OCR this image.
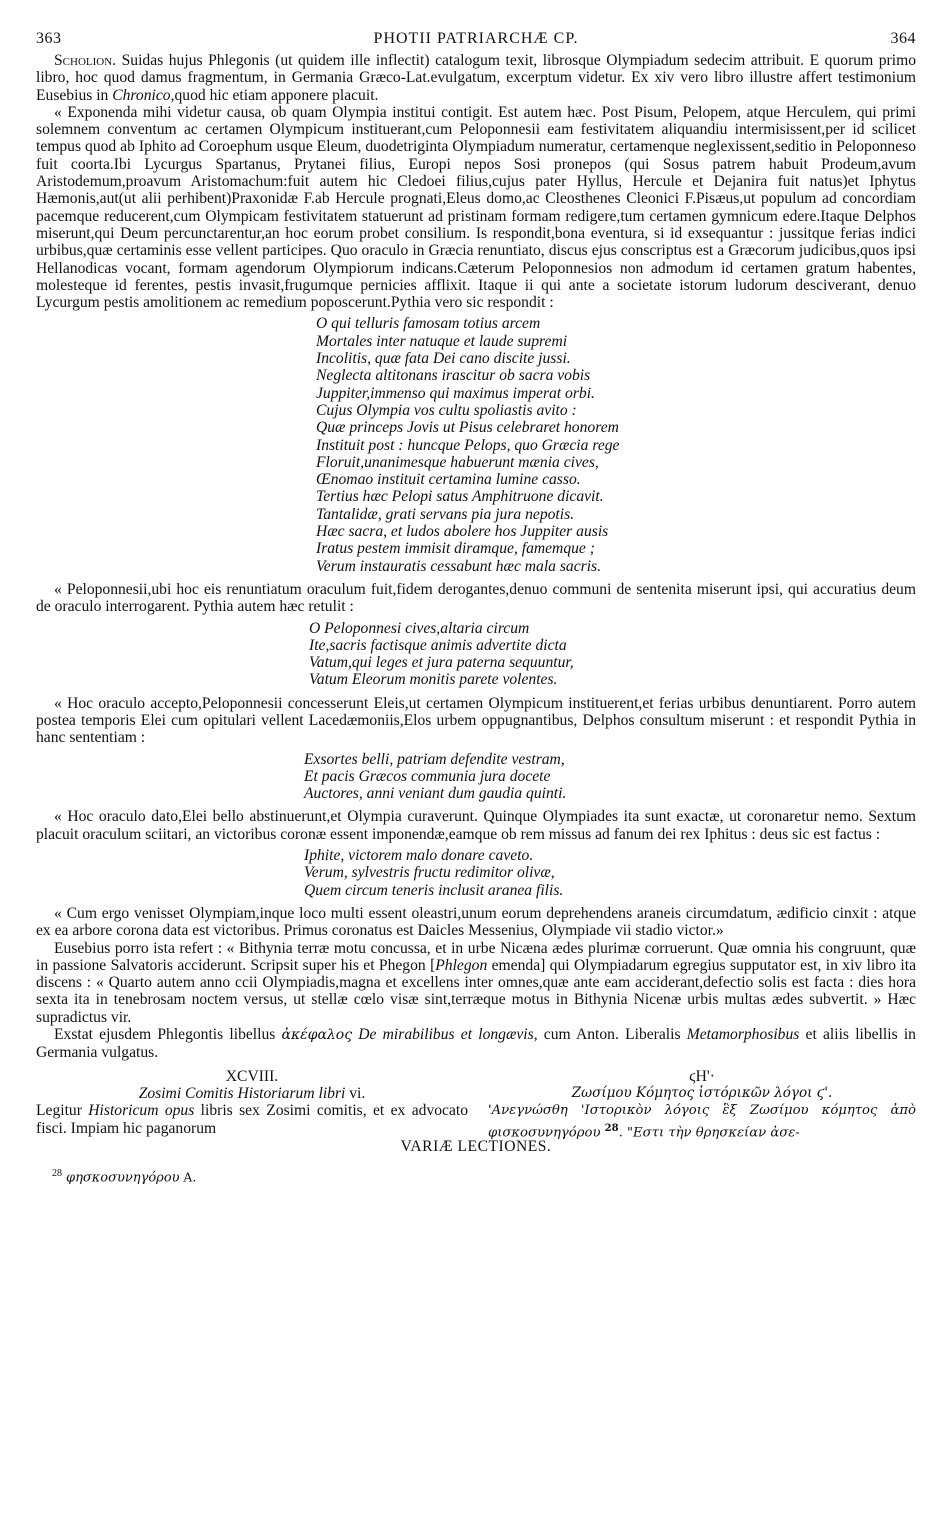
363	PHOTII PATRIARCHÆ CP.	364

Scholion. Suidas hujus Phlegonis (ut quidem ille inflectit) catalogum texit, librosque Olympiadum sedecim attribuit. E quorum primo libro, hoc quod damus fragmentum, in Germania Græco-Lat.evulgatum, excerptum videtur. Ex xiv vero libro illustre affert testimonium Eusebius in Chronico,quod hic etiam apponere placuit.

« Exponenda mihi videtur causa, ob quam Olympia institui contigit. Est autem hæc. Post Pisum, Pelopem, atque Herculem, qui primi solemnem conventum ac certamen Olympicum instituerant,cum Peloponnesii eam festivitatem aliquandiu intermisissent,per id scilicet tempus quod ab Iphito ad Coroephum usque Eleum, duodetriginta Olympiadum numeratur, certamenque neglexissent,seditio in Peloponneso fuit coorta.Ibi Lycurgus Spartanus, Prytanei filius, Europi nepos Sosi pronepos (qui Sosus patrem habuit Prodeum,avum Aristodemum,proavum Aristomachum:fuit autem hic Cledoei filius,cujus pater Hyllus, Hercule et Dejanira fuit natus)et Iphytus Hæmonis,aut(ut alii perhibent)Praxonidæ F.ab Hercule prognati,Eleus domo,ac Cleosthenes Cleonici F.Pisæus,ut populum ad concordiam pacemque reducerent,cum Olympicam festivitatem statuerunt ad pristinam formam redigere,tum certamen gymnicum edere.Itaque Delphos miserunt,qui Deum percunctarentur,an hoc eorum probet consilium. Is respondit,bona eventura, si id exsequantur : jussitque ferias indici urbibus,quæ certaminis esse vellent participes. Quo oraculo in Græcia renuntiato, discus ejus conscriptus est a Græcorum judicibus,quos ipsi Hellanodicas vocant, formam agendorum Olympiorum indicans.Cæterum Peloponnesios non admodum id certamen gratum habentes, molesteque id ferentes, pestis invasit,frugumque pernicies afflixit. Itaque ii qui ante a societate istorum ludorum desciverant, denuo Lycurgum pestis amolitionem ac remedium poposcerunt.Pythia vero sic respondit :

O qui telluris famosam totius arcem
Mortales inter natuque et laude supremi
Incolitis, quæ fata Dei cano discite jussi.
Neglecta altitonans irascitur ob sacra vobis
Juppiter,immenso qui maximus imperat orbi.
Cujus Olympia vos cultu spoliastis avito :
Quæ princeps Jovis ut Pisus celebraret honorem
Instituit post : huncque Pelops, quo Græcia rege
Floruit,unanimesque habuerunt mænia cives,
Œnomao instituit certamina lumine casso.
Tertius hæc Pelopi satus Amphitruone dicavit.
Tantalidæ, grati servans pia jura nepotis.
Hæc sacra, et ludos abolere hos Juppiter ausis
Iratus pestem immisit diramque, famemque ;
Verum instauratis cessabunt hæc mala sacris.

« Peloponnesii,ubi hoc eis renuntiatum oraculum fuit,fidem derogantes,denuo communi de sentenita miserunt ipsi, qui accuratius deum de oraculo interrogarent. Pythia autem hæc retulit :

O Peloponnesi cives,altaria circum
Ite,sacris factisque animis advertite dicta
Vatum,qui leges et jura paterna sequuntur,
Vatum Eleorum monitis parete volentes.

« Hoc oraculo accepto,Peloponnesii concesserunt Eleis,ut certamen Olympicum instituerent,et ferias urbibus denuntiarent. Porro autem postea temporis Elei cum opitulari vellent Lacedæmoniis,Elos urbem oppugnantibus, Delphos consultum miserunt : et respondit Pythia in hanc sententiam :

Exsortes belli, patriam defendite vestram,
Et pacis Græcos communia jura docete
Auctores, anni veniant dum gaudia quinti.

« Hoc oraculo dato,Elei bello abstinuerunt,et Olympia curaverunt. Quinque Olympiades ita sunt exactæ, ut coronaretur nemo. Sextum placuit oraculum sciitari, an victoribus coronæ essent imponendæ,eamque ob rem missus ad fanum dei rex Iphitus : deus sic est factus :

Iphite, victorem malo donare caveto.
Verum, sylvestris fructu redimitor olivæ,
Quem circum teneris inclusit aranea filis.

« Cum ergo venisset Olympiam,inque loco multi essent oleastri,unum eorum deprehendens araneis circumdatum, ædificio cinxit : atque ex ea arbore corona data est victoribus. Primus coronatus est Daicles Messenius, Olympiade vii stadio victor.»

Eusebius porro ista refert : « Bithynia terræ motu concussa, et in urbe Nicæna ædes plurimæ corruerunt. Quæ omnia his congruunt, quæ in passione Salvatoris acciderunt. Scripsit super his et Phegon [Phlegon emenda] qui Olympiadarum egregius supputator est, in xiv libro ita discens : « Quarto autem anno ccii Olympiadis,magna et excellens inter omnes,quæ ante eam acciderant,defectio solis est facta : dies hora sexta ita in tenebrosam noctem versus, ut stellæ cœlo visæ sint,terræque motus in Bithynia Nicenæ urbis multas ædes subvertit. » Hæc supradictus vir.

Exstat ejusdem Phlegontis libellus ἀκέφαλος De mirabilibus et longævis, cum Anton. Liberalis Metamorphosibus et aliis libellis in Germania vulgatus.

XCVIII.
Zosimi Comitis Historiarum libri vi.
Legitur Historicum opus libris sex Zosimi comitis, et ex advocato fisci. Impiam hic paganorum
ϛΗ'·
Ζωσίμου Κόμητος ἱστόρικῶν λόγοι ϛ'.
'Ανεγνώσθη 'Ιστορικὸν λόγοις ἓξ Ζωσίμου κόμητος ἀπὸ φισκοσυνηγόρου $^{28}$. "Εστι τὴν θρησκείαν ἀσε-
VARIÆ LECTIONES.
$^{28}$ φησκοσυνηγόρου A.
